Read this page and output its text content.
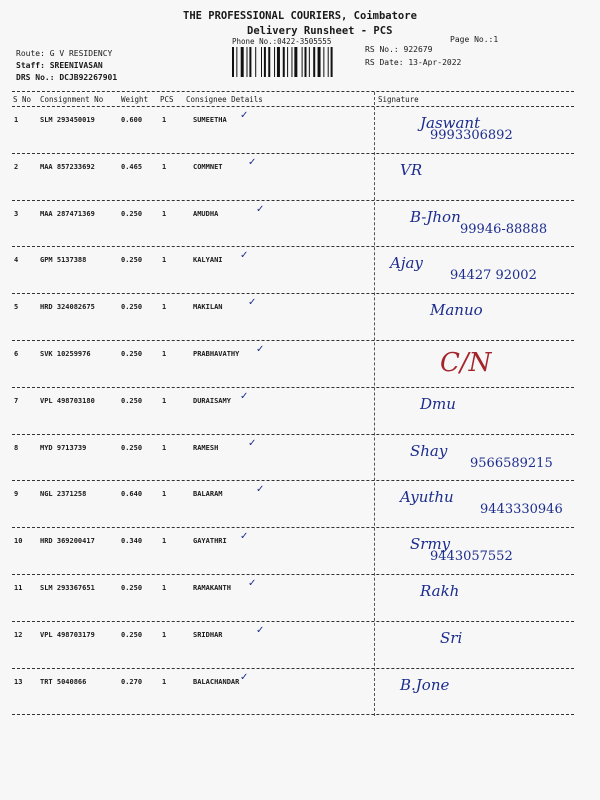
THE PROFESSIONAL COURIERS, Coimbatore
Delivery Runsheet - PCS
Phone No.:0422-3505555	Page No.:1
Route: G V RESIDENCY
Staff: SREENIVASAN
DRS No.: DCJB92267901
RS No.: 922679
RS Date: 13-Apr-2022
S No Consignment No Weight PCS Consignee Details	Signature
1	SLM 293450019	0.600	1	SUMEETHA ✓	Jaswant
9993306892
2	MAA 857233692	0.465	1	COMMNET	✓	VR
3	MAA 287471369	0.250	1	AMUDHA	✓	B-Jhon
99946-88888
4	GPM 5137388	0.250	1	KALYANI ✓	Ajay
94427 92002
5	HRD 324082675	0.250	1	MAKILAN	✓	Manuo
6	SVK 10259976	0.250	1	PRABHAVATHY ✓	C/N
7	VPL 498703180	0.250	1	DURAISAMY ✓	Dmu
8	MYD 9713739	0.250	1	RAMESH	✓	Shay
9566589215
9	NGL 2371258	0.640	1	BALARAM	✓	Ayuthu
9443330946
10	HRD 369200417	0.340	1	GAYATHRI ✓	Srmy
9443057552
11	SLM 293367651	0.250	1	RAMAKANTH ✓	Rakh
12	VPL 498703179	0.250	1	SRIDHAR	✓	Sri
13	TRT 5040866	0.270	1	BALACHANDAR ✓	B.Jone
